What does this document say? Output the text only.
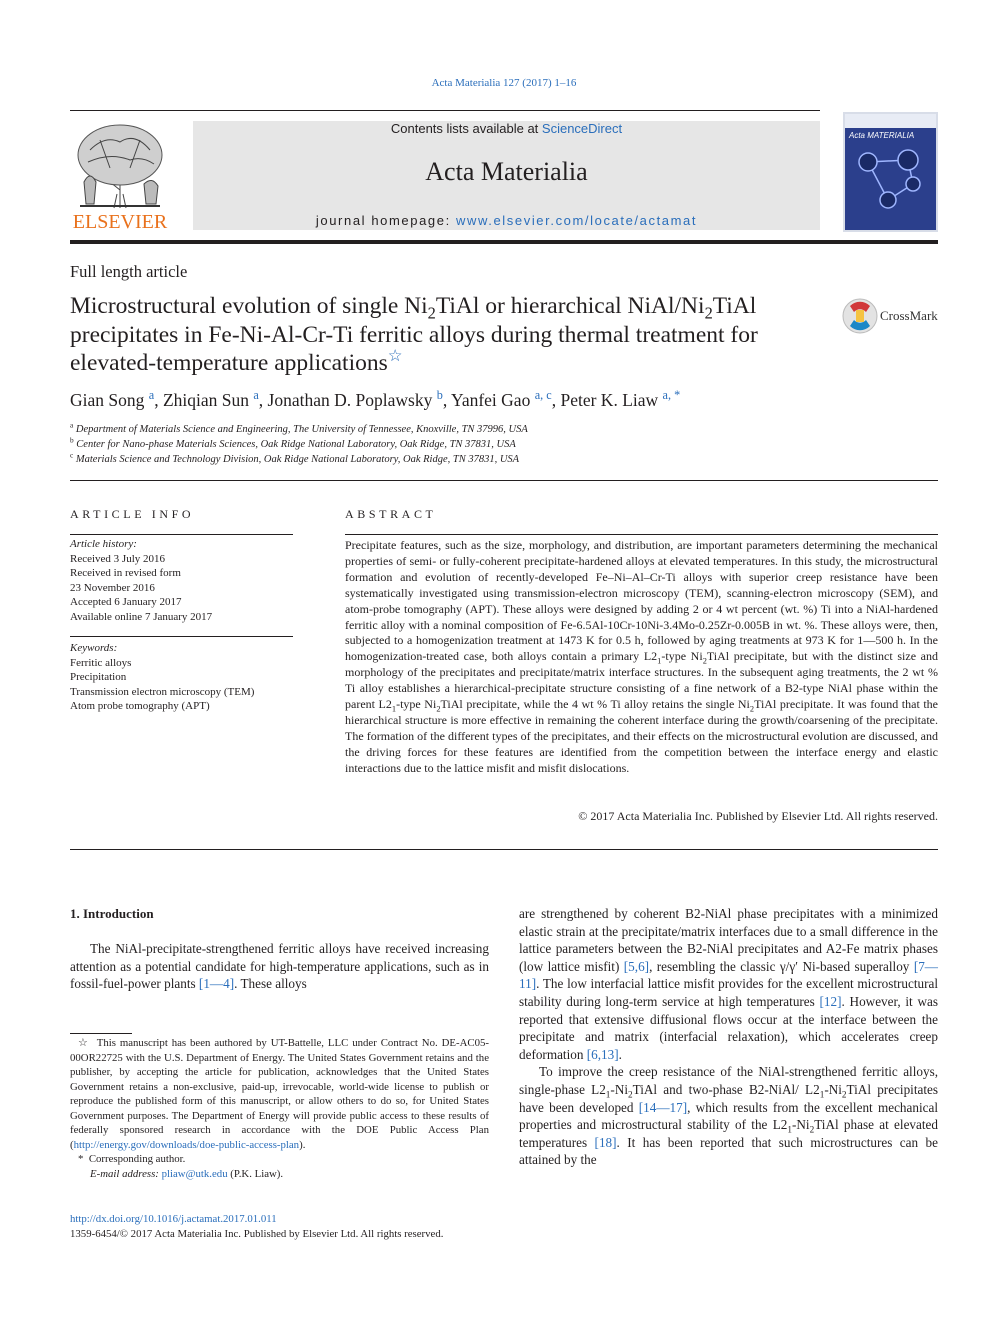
Acta Materialia 127 (2017) 1–16
ELSEVIER
Contents lists available at ScienceDirect
Acta Materialia
journal homepage: www.elsevier.com/locate/actamat
Acta MATERIALIA
Full length article
Microstructural evolution of single $Ni_2TiAl$ or hierarchical NiAl/$Ni_2TiAl$ precipitates in Fe-Ni-Al-Cr-Ti ferritic alloys during thermal treatment for elevated-temperature applications☆
CrossMark
Gian Song $^a$, Zhiqian Sun $^a$, Jonathan D. Poplawsky $^b$, Yanfei Gao $^{a, c}$, Peter K. Liaw $^{a, *}$
$^a$ Department of Materials Science and Engineering, The University of Tennessee, Knoxville, TN 37996, USA
$^b$ Center for Nano-phase Materials Sciences, Oak Ridge National Laboratory, Oak Ridge, TN 37831, USA
$^c$ Materials Science and Technology Division, Oak Ridge National Laboratory, Oak Ridge, TN 37831, USA
ARTICLE INFO	ABSTRACT
Article history:
Received 3 July 2016
Received in revised form
23 November 2016
Accepted 6 January 2017
Available online 7 January 2017
Keywords:
Ferritic alloys
Precipitation
Transmission electron microscopy (TEM)
Atom probe tomography (APT)
Precipitate features, such as the size, morphology, and distribution, are important parameters determining the mechanical properties of semi- or fully-coherent precipitate-hardened alloys at elevated temperatures. In this study, the microstructural formation and evolution of recently-developed Fe–Ni–Al–Cr-Ti alloys with superior creep resistance have been systematically investigated using transmission-electron microscopy (TEM), scanning-electron microscopy (SEM), and atom-probe tomography (APT). These alloys were designed by adding 2 or 4 wt percent (wt. %) Ti into a NiAl-hardened ferritic alloy with a nominal composition of Fe-6.5Al-10Cr-10Ni-3.4Mo-0.25Zr-0.005B in wt. %. These alloys were, then, subjected to a homogenization treatment at 1473 K for 0.5 h, followed by aging treatments at 973 K for 1—500 h. In the homogenization-treated case, both alloys contain a primary $L2_1$-type $Ni_2TiAl$ precipitate, but with the distinct size and morphology of the precipitates and precipitate/matrix interface structures. In the subsequent aging treatments, the 2 wt % Ti alloy establishes a hierarchical-precipitate structure consisting of a fine network of a B2-type NiAl phase within the parent $L2_1$-type $Ni_2TiAl$ precipitate, while the 4 wt % Ti alloy retains the single $Ni_2TiAl$ precipitate. It was found that the hierarchical structure is more effective in remaining the coherent interface during the growth/coarsening of the precipitate. The formation of the different types of the precipitates, and their effects on the microstructural evolution are discussed, and the driving forces for these features are identified from the competition between the interface energy and elastic interactions due to the lattice misfit and misfit dislocations.
© 2017 Acta Materialia Inc. Published by Elsevier Ltd. All rights reserved.
1. Introduction

The NiAl-precipitate-strengthened ferritic alloys have received increasing attention as a potential candidate for high-temperature applications, such as in fossil-fuel-power plants [1—4]. These alloys

are strengthened by coherent B2-NiAl phase precipitates with a minimized elastic strain at the precipitate/matrix interfaces due to a small difference in the lattice parameters between the B2-NiAl precipitates and A2-Fe matrix phases (low lattice misfit) [5,6], resembling the classic γ/γ′ Ni-based superalloy [7—11]. The low interfacial lattice misfit provides for the excellent microstructural stability during long-term service at high temperatures [12]. However, it was reported that extensive diffusional flows occur at the interface between the precipitate and matrix (interfacial relaxation), which accelerates creep deformation [6,13].

To improve the creep resistance of the NiAl-strengthened ferritic alloys, single-phase $L2_1-Ni_2TiAl$ and two-phase B2-NiAl/ $L2_1-Ni_2TiAl$ precipitates have been developed [14—17], which results from the excellent mechanical properties and microstructural stability of the $L2_1-Ni_2TiAl$ phase at elevated temperatures [18]. It has been reported that such microstructures can be attained by the

☆ This manuscript has been authored by UT-Battelle, LLC under Contract No. DE-AC05-00OR22725 with the U.S. Department of Energy. The United States Government retains and the publisher, by accepting the article for publication, acknowledges that the United States Government retains a non-exclusive, paid-up, irrevocable, world-wide license to publish or reproduce the published form of this manuscript, or allow others to do so, for United States Government purposes. The Department of Energy will provide public access to these results of federally sponsored research in accordance with the DOE Public Access Plan (http://energy.gov/downloads/doe-public-access-plan).
* Corresponding author.
E-mail address: pliaw@utk.edu (P.K. Liaw).
http://dx.doi.org/10.1016/j.actamat.2017.01.011
1359-6454/© 2017 Acta Materialia Inc. Published by Elsevier Ltd. All rights reserved.
